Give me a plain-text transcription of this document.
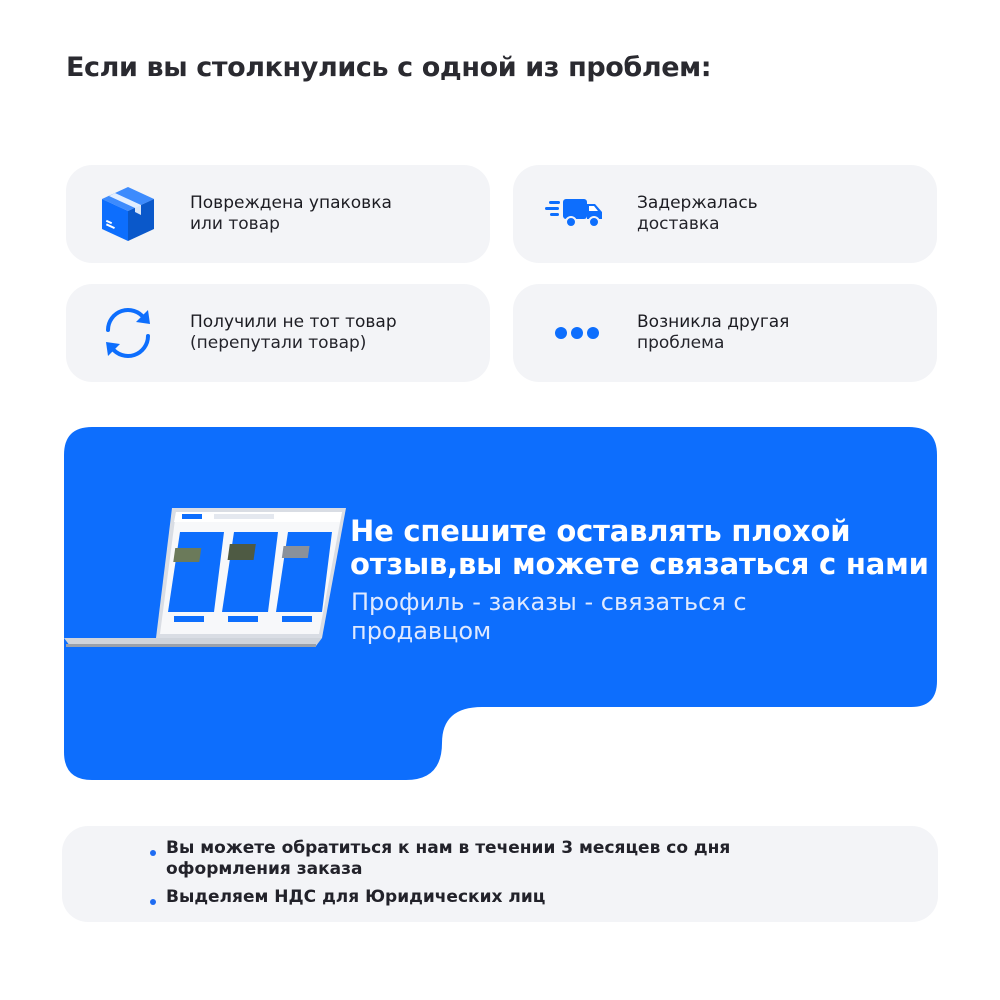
Если вы столкнулись с одной из проблем:
Повреждена упаковка
или товар
Задержалась
доставка
Получили не тот товар
(перепутали товар)
Возникла другая
проблема
Не спешите оставлять плохой
отзыв,вы можете связаться с нами
Профиль - заказы - связаться с
продавцом
Вы можете обратиться к нам в течении 3 месяцев со дня
оформления заказа
Выделяем НДС для Юридических лиц
